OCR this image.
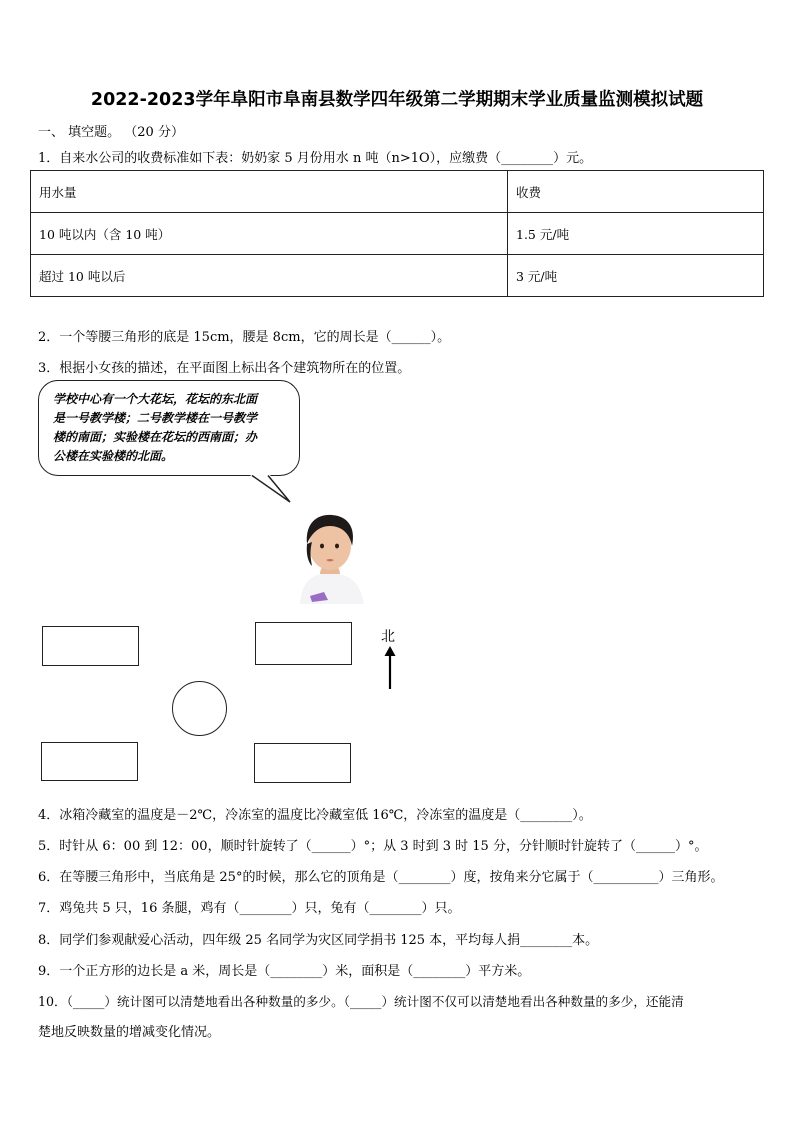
2022-2023学年阜阳市阜南县数学四年级第二学期期末学业质量监测模拟试题
一、 填空题。 （20 分）
1．自来水公司的收费标准如下表：奶奶家 5 月份用水 n 吨（n>1O），应缴费（________）元。
用水量	收费
10 吨以内（含 10 吨）	1.5 元/吨
超过 10 吨以后	3 元/吨
2．一个等腰三角形的底是 15cm，腰是 8cm，它的周长是（______）。
3．根据小女孩的描述，在平面图上标出各个建筑物所在的位置。
学校中心有一个大花坛，花坛的东北面
是一号教学楼；二号教学楼在一号教学
楼的南面；实验楼在花坛的西南面；办
公楼在实验楼的北面。
北
4．冰箱冷藏室的温度是－2℃，冷冻室的温度比冷藏室低 16℃，冷冻室的温度是（________）。
5．时针从 6：00 到 12：00，顺时针旋转了（______）°；从 3 时到 3 时 15 分，分针顺时针旋转了（______）°。
6．在等腰三角形中，当底角是 25°的时候，那么它的顶角是（________）度，按角来分它属于（__________）三角形。
7．鸡兔共 5 只，16 条腿，鸡有（________）只，兔有（________）只。
8．同学们参观献爱心活动，四年级 25 名同学为灾区同学捐书 125 本，平均每人捐________本。
9．一个正方形的边长是 a 米，周长是（________）米，面积是（________）平方米。
10．（_____）统计图可以清楚地看出各种数量的多少。（_____）统计图不仅可以清楚地看出各种数量的多少，还能清
楚地反映数量的增减变化情况。
